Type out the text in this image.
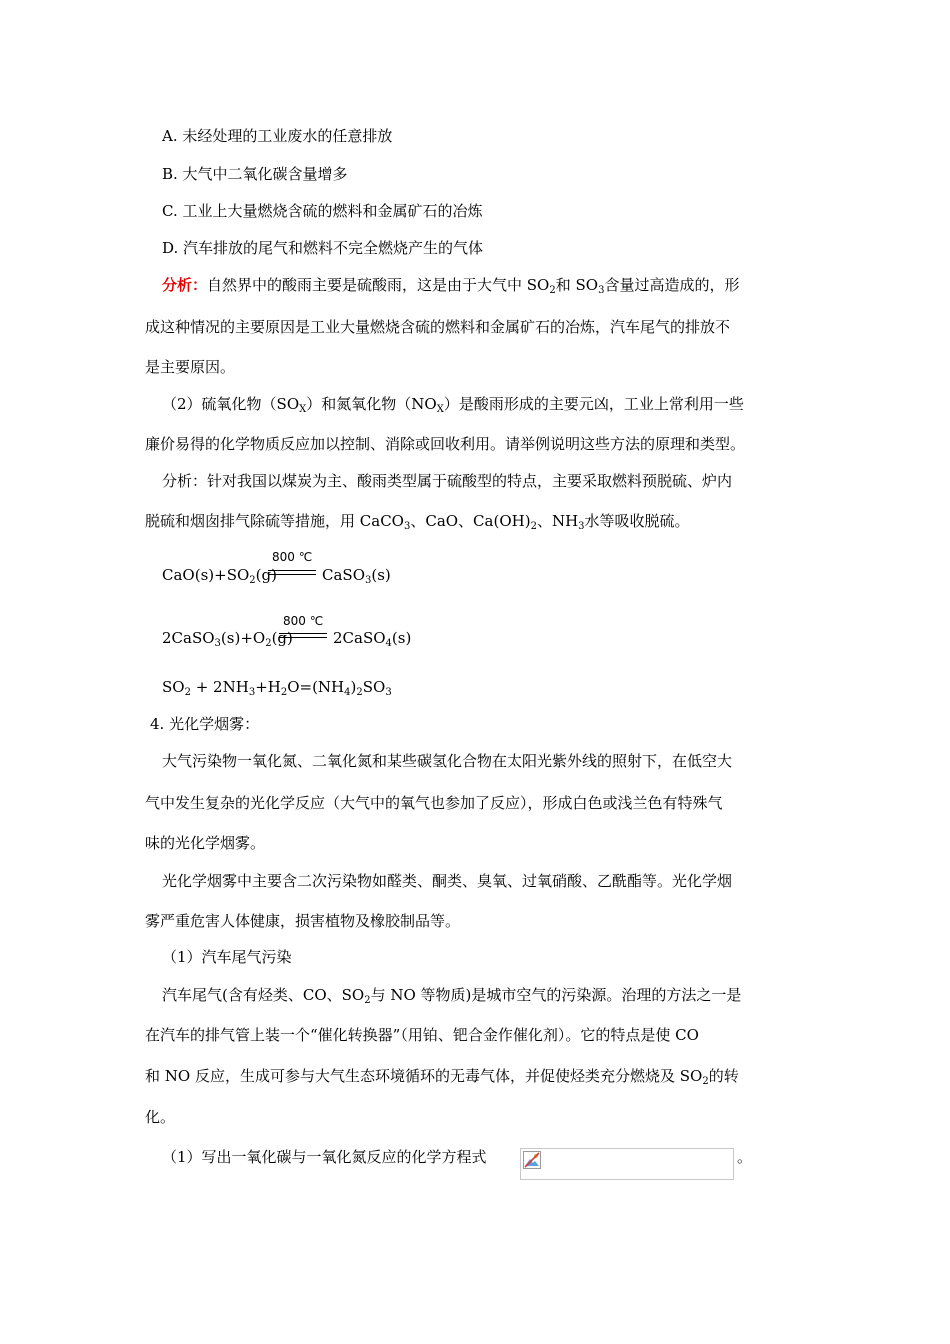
A. 未经处理的工业废水的任意排放
B. 大气中二氧化碳含量增多
C. 工业上大量燃烧含硫的燃料和金属矿石的冶炼
D. 汽车排放的尾气和燃料不完全燃烧产生的气体
分析：自然界中的酸雨主要是硫酸雨，这是由于大气中 $SO_2$和 $SO_3$含量过高造成的，形
成这种情况的主要原因是工业大量燃烧含硫的燃料和金属矿石的冶炼，汽车尾气的排放不
是主要原因。
（2）硫氧化物$(SO_X)$和氮氧化物$(NO_X)$是酸雨形成的主要元凶，工业上常利用一些
廉价易得的化学物质反应加以控制、消除或回收利用。请举例说明这些方法的原理和类型。
分析：针对我国以煤炭为主、酸雨类型属于硫酸型的特点，主要采取燃料预脱硫、炉内
脱硫和烟囱排气除硫等措施，用 CaCO$_3$、CaO、$Ca(OH)_2$、$NH_3$水等吸收脱硫。
$CaO(s)+SO_2(g)$
800 ℃
CaSO$_3$(s)
$2CaSO_3(s)+O_2(g)$
800 ℃
2CaSO$_4$(s)
$SO_2 + 2NH_3+H_2O=(NH_4)_2SO_3$
4. 光化学烟雾：
大气污染物一氧化氮、二氧化氮和某些碳氢化合物在太阳光紫外线的照射下，在低空大
气中发生复杂的光化学反应（大气中的氧气也参加了反应），形成白色或浅兰色有特殊气
味的光化学烟雾。
光化学烟雾中主要含二次污染物如醛类、酮类、臭氧、过氧硝酸、乙酰酯等。光化学烟
雾严重危害人体健康，损害植物及橡胶制品等。
（1）汽车尾气污染
汽车尾气(含有烃类、CO、$SO_2$与 NO 等物质)是城市空气的污染源。治理的方法之一是
在汽车的排气管上装一个“催化转换器”（用铂、钯合金作催化剂）。它的特点是使 CO
和 NO 反应，生成可参与大气生态环境循环的无毒气体，并促使烃类充分燃烧及 $SO_2$的转
化。
（1）写出一氧化碳与一氧化氮反应的化学方程式	。
